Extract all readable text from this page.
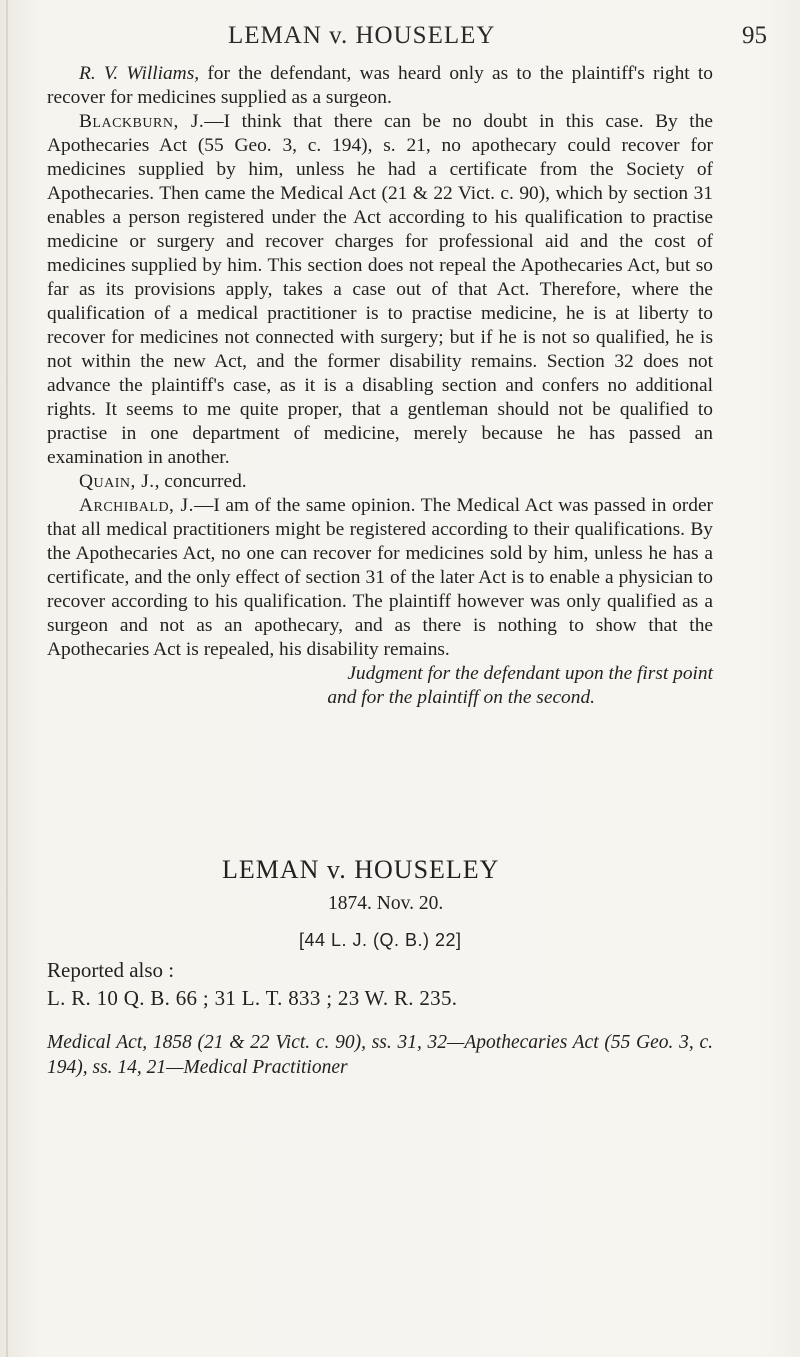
LEMAN v. HOUSELEY	95

R. V. Williams, for the defendant, was heard only as to the plaintiff's right to recover for medicines supplied as a surgeon.

Blackburn, J.—I think that there can be no doubt in this case. By the Apothecaries Act (55 Geo. 3, c. 194), s. 21, no apothecary could recover for medicines supplied by him, unless he had a certificate from the Society of Apothecaries. Then came the Medical Act (21 & 22 Vict. c. 90), which by section 31 enables a person registered under the Act according to his qualification to practise medicine or surgery and recover charges for professional aid and the cost of medicines supplied by him. This section does not repeal the Apothecaries Act, but so far as its provisions apply, takes a case out of that Act. Therefore, where the qualification of a medical practitioner is to practise medicine, he is at liberty to recover for medicines not connected with surgery; but if he is not so qualified, he is not within the new Act, and the former disability remains. Section 32 does not advance the plaintiff's case, as it is a disabling section and confers no additional rights. It seems to me quite proper, that a gentleman should not be qualified to practise in one department of medicine, merely because he has passed an examination in another.

Quain, J., concurred.

Archibald, J.—I am of the same opinion. The Medical Act was passed in order that all medical practitioners might be registered according to their qualifications. By the Apothecaries Act, no one can recover for medicines sold by him, unless he has a certificate, and the only effect of section 31 of the later Act is to enable a physician to recover according to his qualification. The plaintiff however was only qualified as a surgeon and not as an apothecary, and as there is nothing to show that the Apothecaries Act is repealed, his disability remains.

Judgment for the defendant upon the first point

and for the plaintiff on the second.

LEMAN v. HOUSELEY
1874. Nov. 20.
[44 L. J. (Q. B.) 22]
Reported also :
L. R. 10 Q. B. 66 ; 31 L. T. 833 ; 23 W. R. 235.
Medical Act, 1858 (21 & 22 Vict. c. 90), ss. 31, 32—Apothecaries Act (55 Geo. 3, c. 194), ss. 14, 21—Medical Practitioner
